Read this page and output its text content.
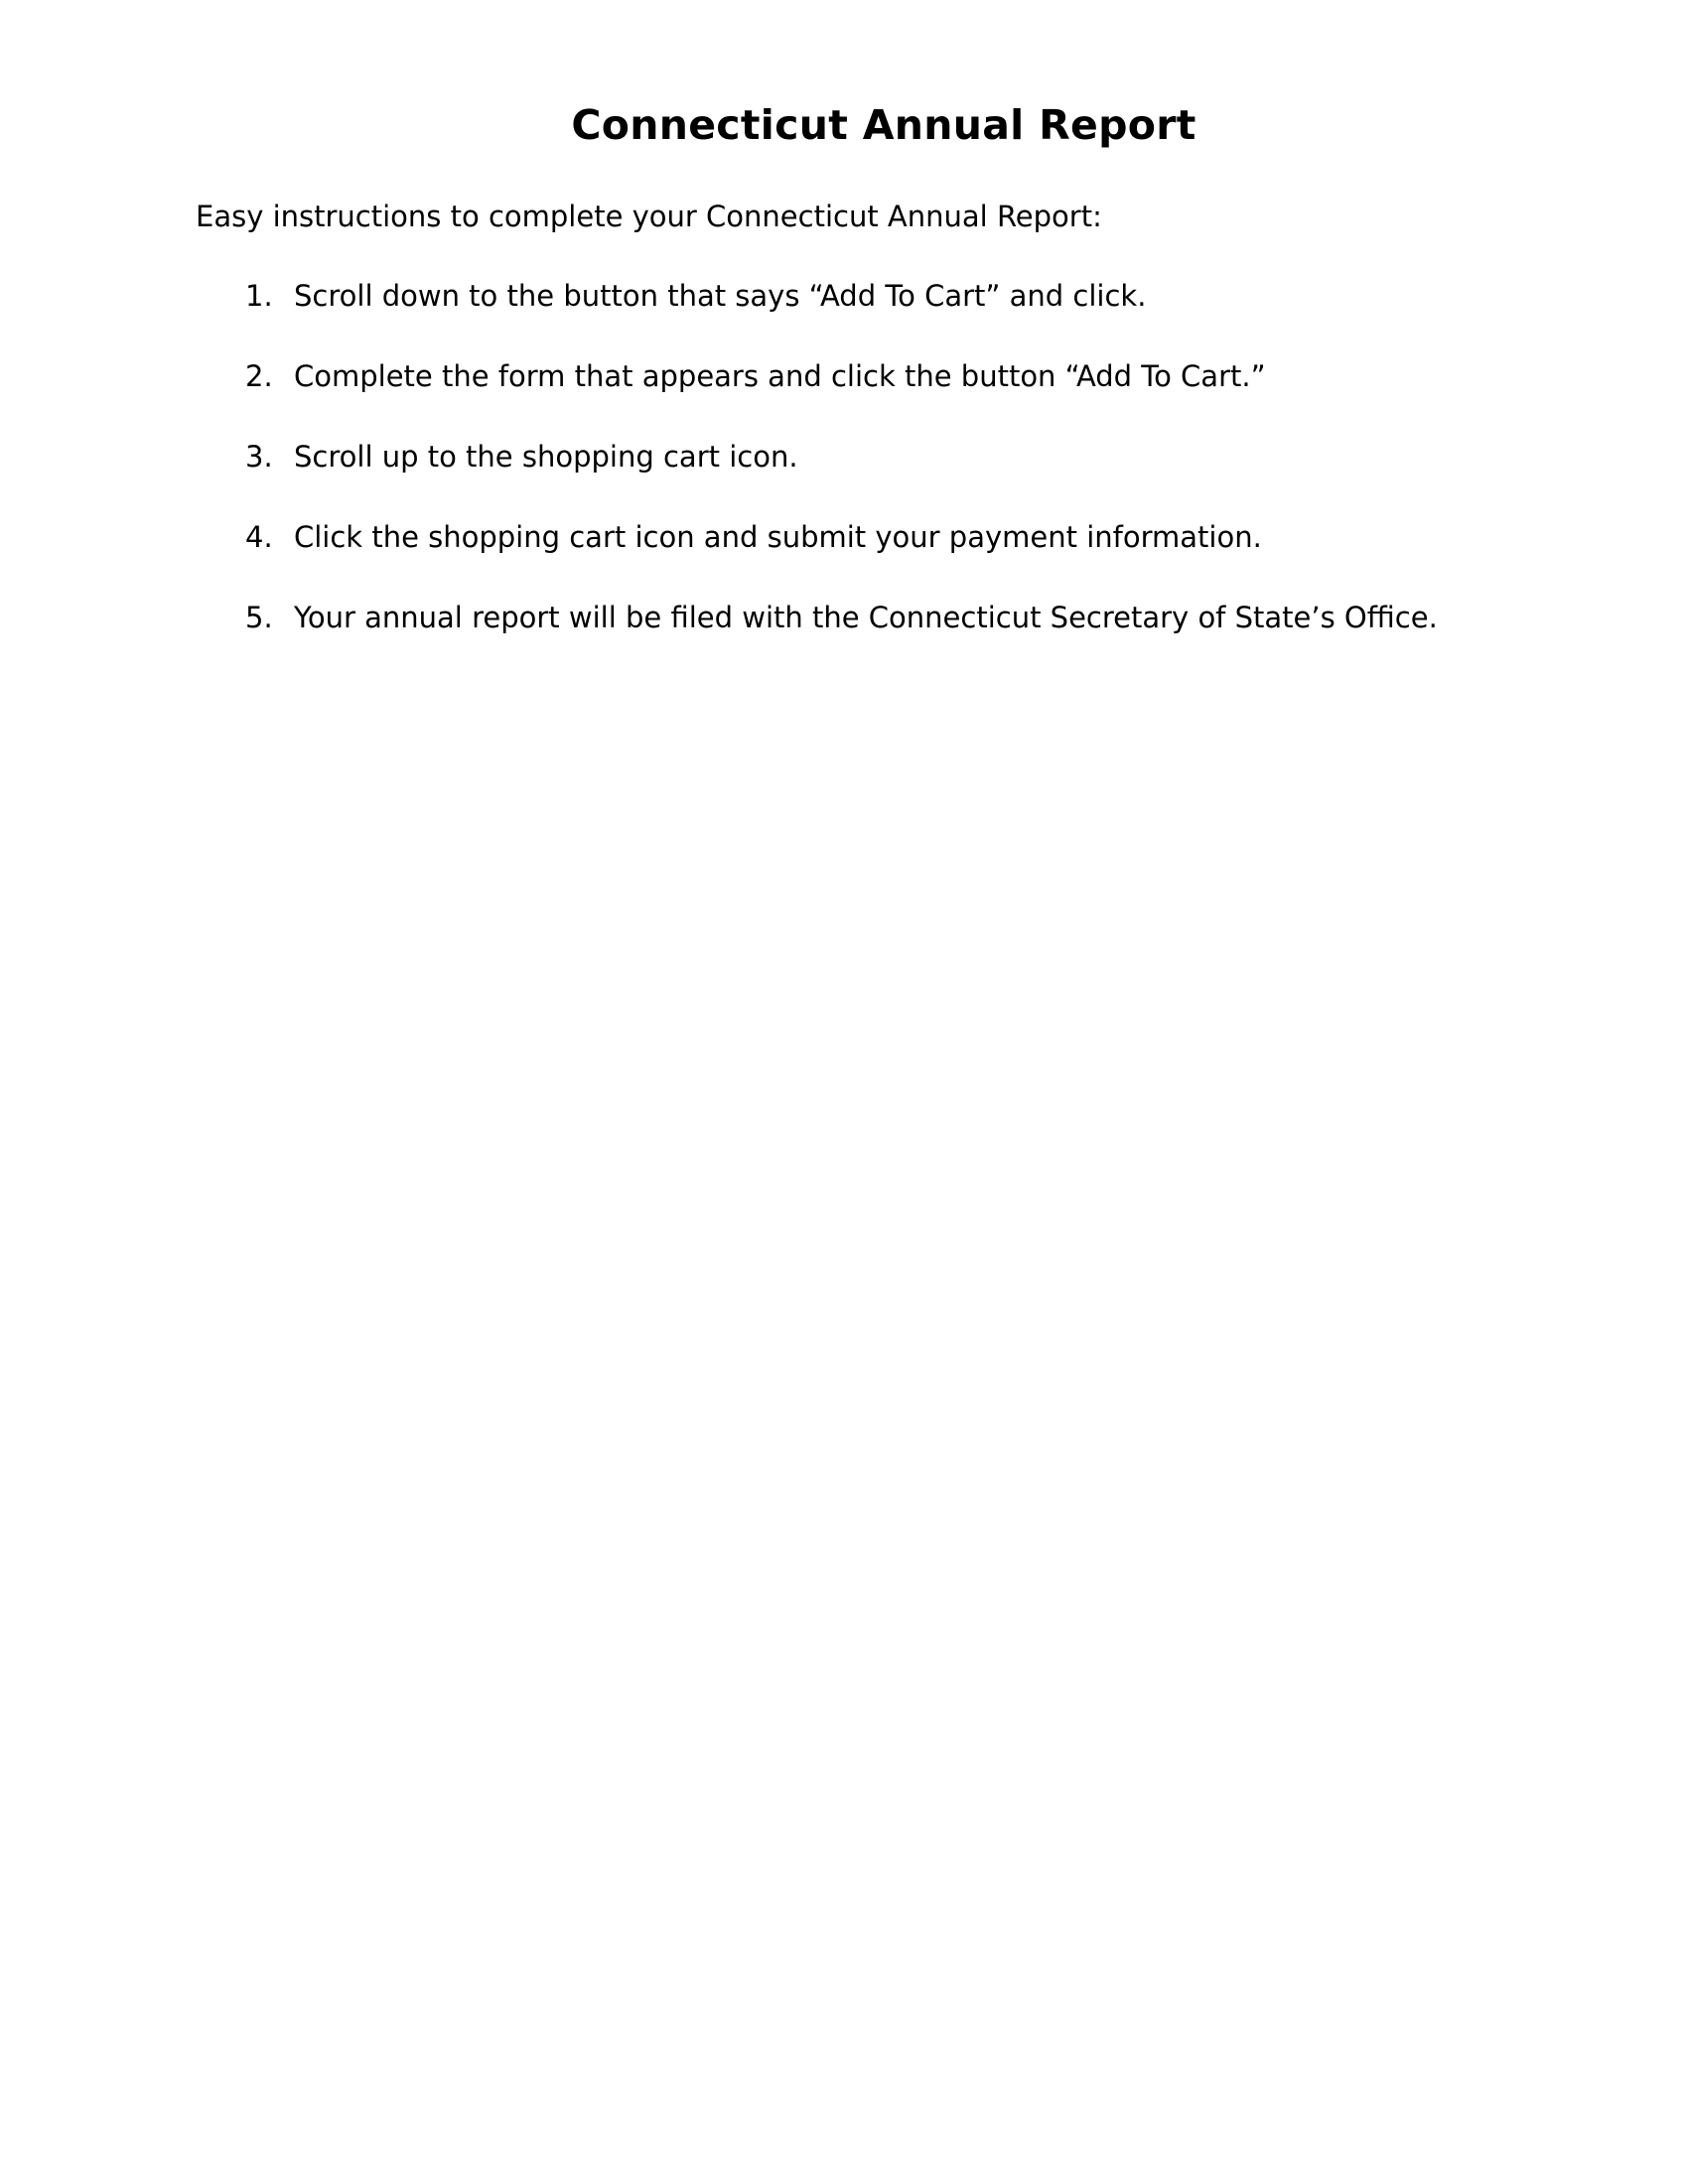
Connecticut Annual Report

Easy instructions to complete your Connecticut Annual Report:

1. Scroll down to the button that says “Add To Cart” and click.
2. Complete the form that appears and click the button “Add To Cart.”
3. Scroll up to the shopping cart icon.
4. Click the shopping cart icon and submit your payment information.
5. Your annual report will be filed with the Connecticut Secretary of State’s Office.
